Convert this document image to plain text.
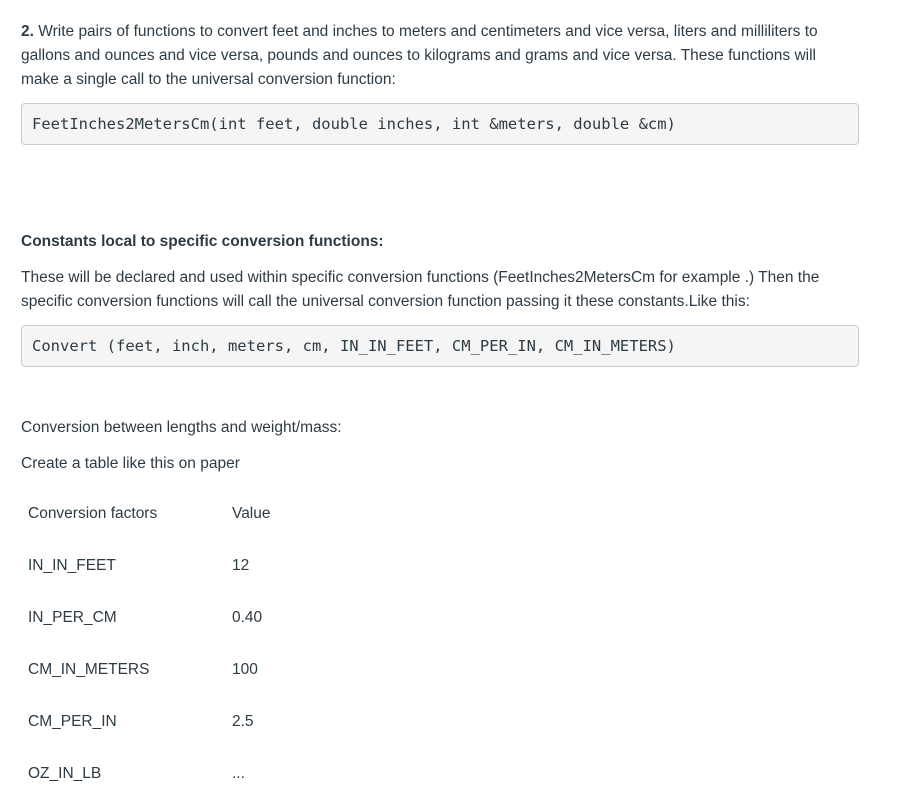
2. Write pairs of functions to convert feet and inches to meters and centimeters and vice versa, liters and milliliters to
gallons and ounces and vice versa, pounds and ounces to kilograms and grams and vice versa. These functions will
make a single call to the universal conversion function:
FeetInches2MetersCm(int feet, double inches, int &meters, double &cm)
Constants local to specific conversion functions:
These will be declared and used within specific conversion functions (FeetInches2MetersCm for example .) Then the
specific conversion functions will call the universal conversion function passing it these constants.Like this:
Convert (feet, inch, meters, cm, IN_IN_FEET, CM_PER_IN, CM_IN_METERS)
Conversion between lengths and weight/mass:
Create a table like this on paper
Conversion factors	Value
IN_IN_FEET	12
IN_PER_CM	0.40
CM_IN_METERS	100
CM_PER_IN	2.5
OZ_IN_LB	...
